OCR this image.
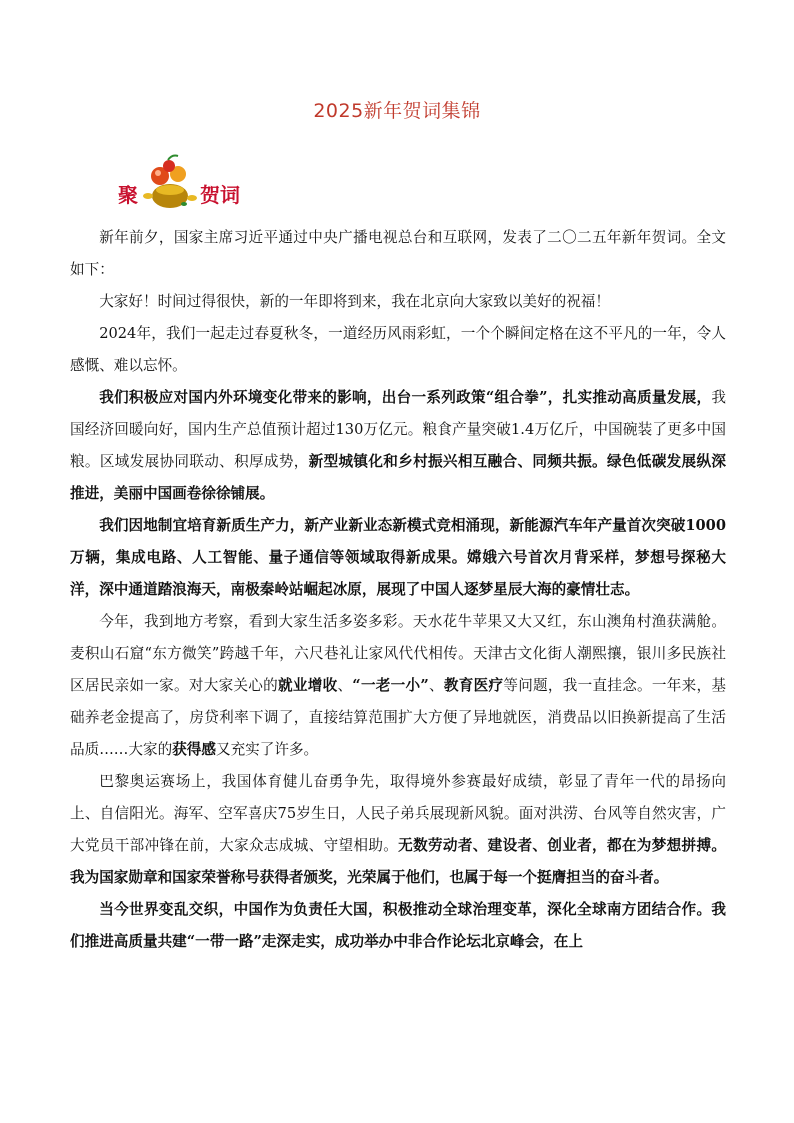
2025新年贺词集锦
聚	贺词

新年前夕，国家主席习近平通过中央广播电视总台和互联网，发表了二〇二五年新年贺词。全文如下：

大家好！时间过得很快，新的一年即将到来，我在北京向大家致以美好的祝福！

2024年，我们一起走过春夏秋冬，一道经历风雨彩虹，一个个瞬间定格在这不平凡的一年，令人感慨、难以忘怀。

我们积极应对国内外环境变化带来的影响，出台一系列政策“组合拳”，扎实推动高质量发展，我国经济回暖向好，国内生产总值预计超过130万亿元。粮食产量突破1.4万亿斤，中国碗装了更多中国粮。区域发展协同联动、积厚成势，新型城镇化和乡村振兴相互融合、同频共振。绿色低碳发展纵深推进，美丽中国画卷徐徐铺展。

我们因地制宜培育新质生产力，新产业新业态新模式竞相涌现，新能源汽车年产量首次突破1000万辆，集成电路、人工智能、量子通信等领域取得新成果。嫦娥六号首次月背采样，梦想号探秘大洋，深中通道踏浪海天，南极秦岭站崛起冰原，展现了中国人逐梦星辰大海的豪情壮志。

今年，我到地方考察，看到大家生活多姿多彩。天水花牛苹果又大又红，东山澳角村渔获满舱。麦积山石窟“东方微笑”跨越千年，六尺巷礼让家风代代相传。天津古文化街人潮熙攘，银川多民族社区居民亲如一家。对大家关心的就业增收、“一老一小”、教育医疗等问题，我一直挂念。一年来，基础养老金提高了，房贷利率下调了，直接结算范围扩大方便了异地就医，消费品以旧换新提高了生活品质……大家的获得感又充实了许多。

巴黎奥运赛场上，我国体育健儿奋勇争先，取得境外参赛最好成绩，彰显了青年一代的昂扬向上、自信阳光。海军、空军喜庆75岁生日，人民子弟兵展现新风貌。面对洪涝、台风等自然灾害，广大党员干部冲锋在前，大家众志成城、守望相助。无数劳动者、建设者、创业者，都在为梦想拼搏。我为国家勋章和国家荣誉称号获得者颁奖，光荣属于他们，也属于每一个挺膺担当的奋斗者。

当今世界变乱交织，中国作为负责任大国，积极推动全球治理变革，深化全球南方团结合作。我们推进高质量共建“一带一路”走深走实，成功举办中非合作论坛北京峰会，在上
